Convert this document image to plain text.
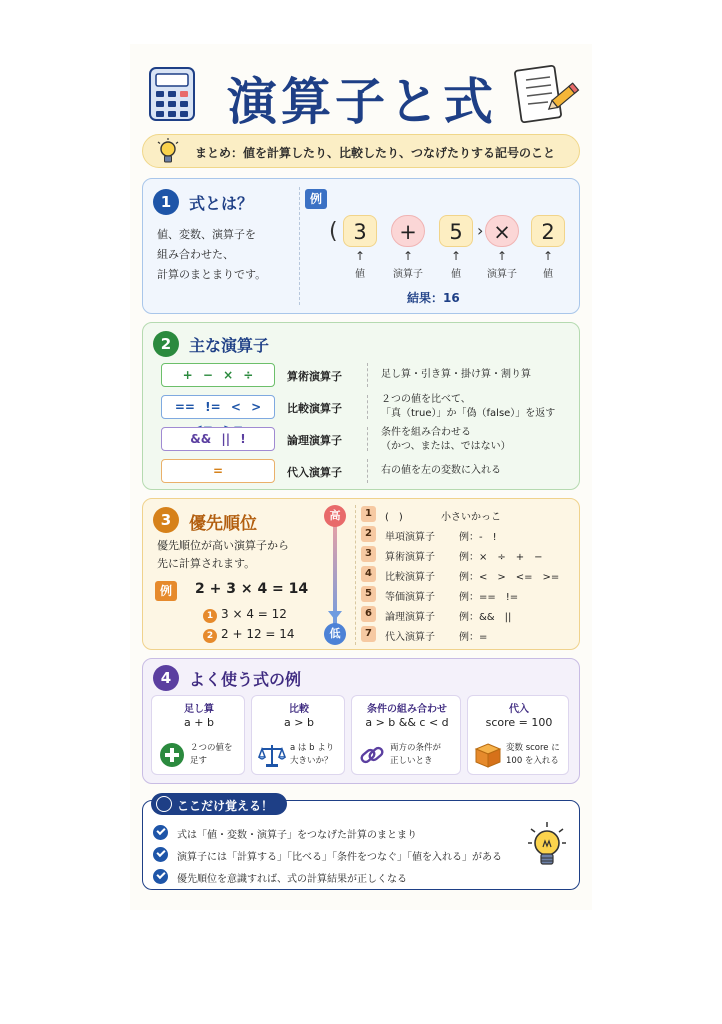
演算子と式
まとめ：値を計算したり、比較したり、つなげたりする記号のこと
1	式とは？
値、変数、演算子を
組み合わせた、
計算のまとまりです。
例
( 3	+	5 › ×	2
↑	↑	↑	↑	↑
値	演算子	値	演算子	値
結果：16
2	主な演算子
+ − × ÷	算術演算子	足し算・引き算・掛け算・割り算
== != < >	比較演算子
２つの値を比べて、
「真（true）」か「偽（false）」を返す
&& || !	論理演算子
条件を組み合わせる
（かつ、または、ではない）
=	代入演算子	右の値を左の変数に入れる
3	優先順位
優先順位が高い演算子から
先に計算されます。
例	2 + 3 × 4 = 14
1 3 × 4 = 12
2 2 + 12 = 14
高
低
1	(　)	小さいかっこ
2	単項演算子 例：-　!
3	算術演算子 例：×　÷　+　−
4	比較演算子 例：<　>　<=　>=
5	等価演算子 例：==　!=
6	論理演算子 例：&&　||
7	代入演算子 例：=
4	よく使う式の例
足し算
a + b
２つの値を
足す
比較
a > b
a は b より
大きいか？
条件の組み合わせ
a > b && c < d
両方の条件が
正しいとき
代入
score = 100
変数 score に
100 を入れる
ここだけ覚える！
式は「値・変数・演算子」をつなげた計算のまとまり
演算子には「計算する」「比べる」「条件をつなぐ」「値を入れる」がある
優先順位を意識すれば、式の計算結果が正しくなる
